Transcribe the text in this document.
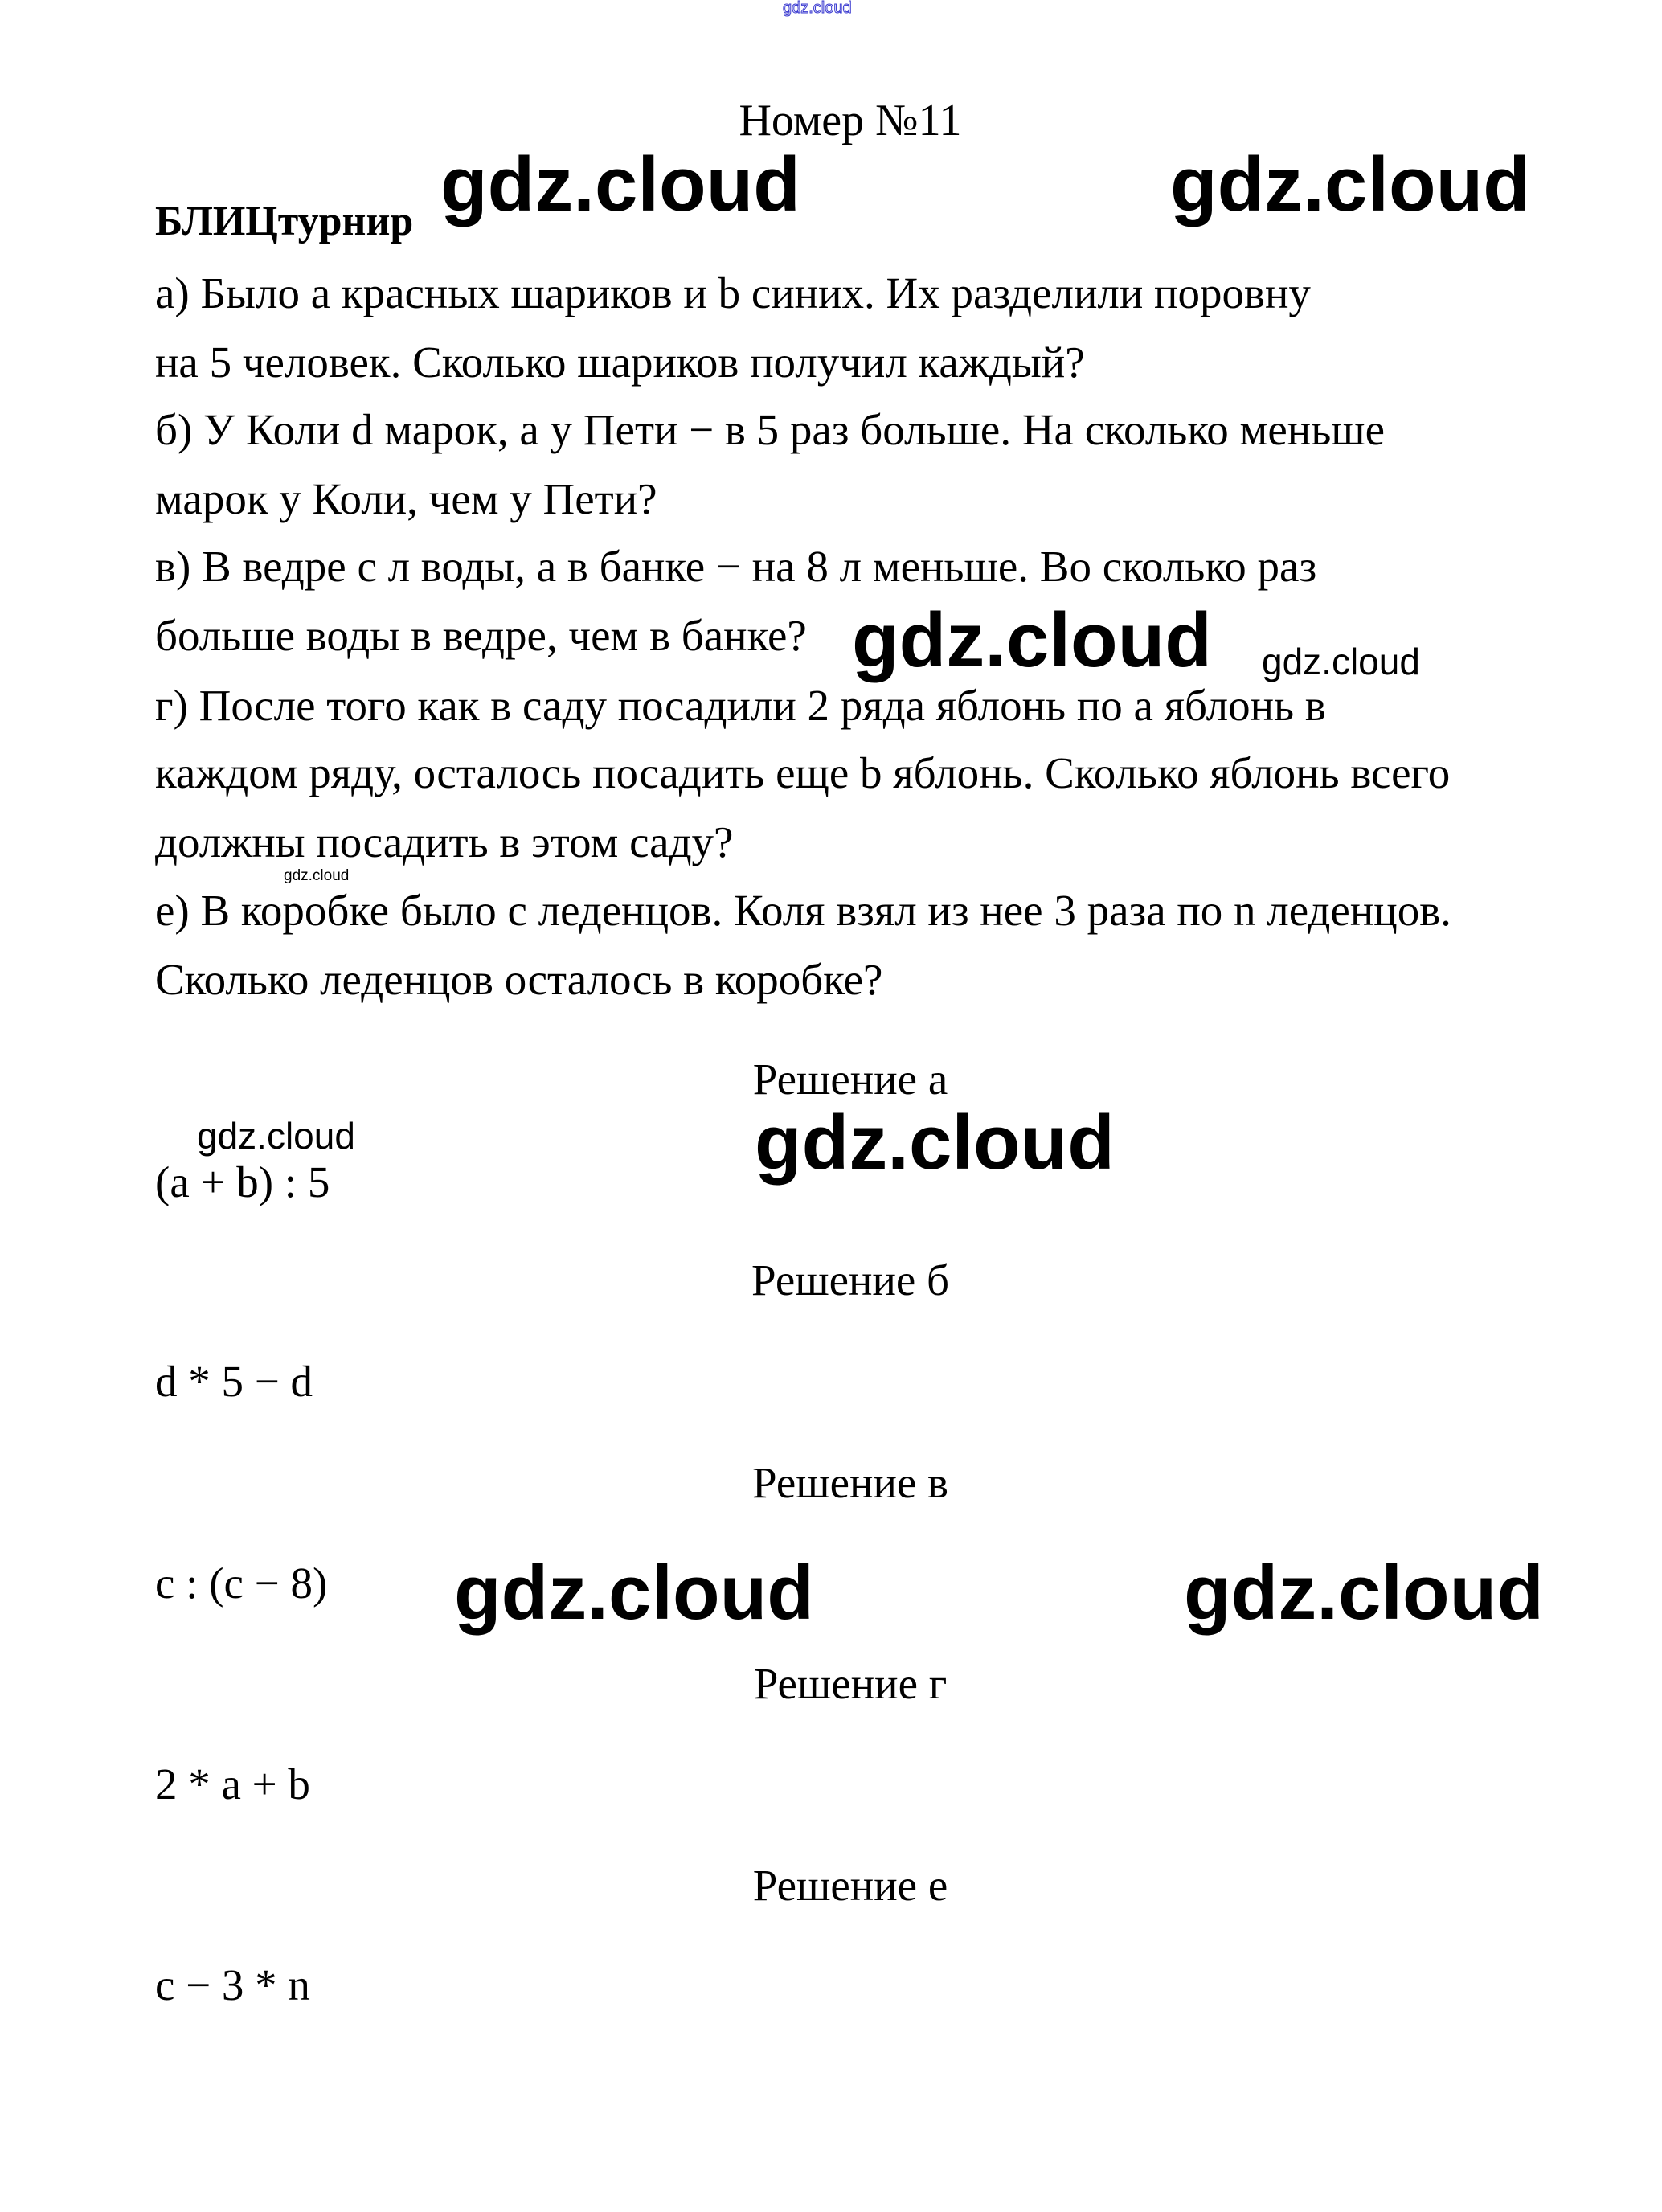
gdz.cloud
Номер №11
БЛИЦтурнир
а) Было а красных шариков и b синих. Их разделили поровну
на 5 человек. Сколько шариков получил каждый?
б) У Коли d марок, а у Пети − в 5 раз больше. На сколько меньше
марок у Коли, чем у Пети?
в) В ведре с л воды, а в банке − на 8 л меньше. Во сколько раз
больше воды в ведре, чем в банке?
г) После того как в саду посадили 2 ряда яблонь по а яблонь в
каждом ряду, осталось посадить еще b яблонь. Сколько яблонь всего
должны посадить в этом саду?
е) В коробке было с леденцов. Коля взял из нее 3 раза по n леденцов.
Сколько леденцов осталось в коробке?
Решение а
(a + b) : 5
Решение б
d * 5 − d
Решение в
c : (c − 8)
Решение г
2 * a + b
Решение е
c − 3 * n
gdz.cloud	gdz.cloud
gdz.cloud
gdz.cloud
gdz.cloud	gdz.cloud
gdz.cloud
gdz.cloud
gdz.cloud
